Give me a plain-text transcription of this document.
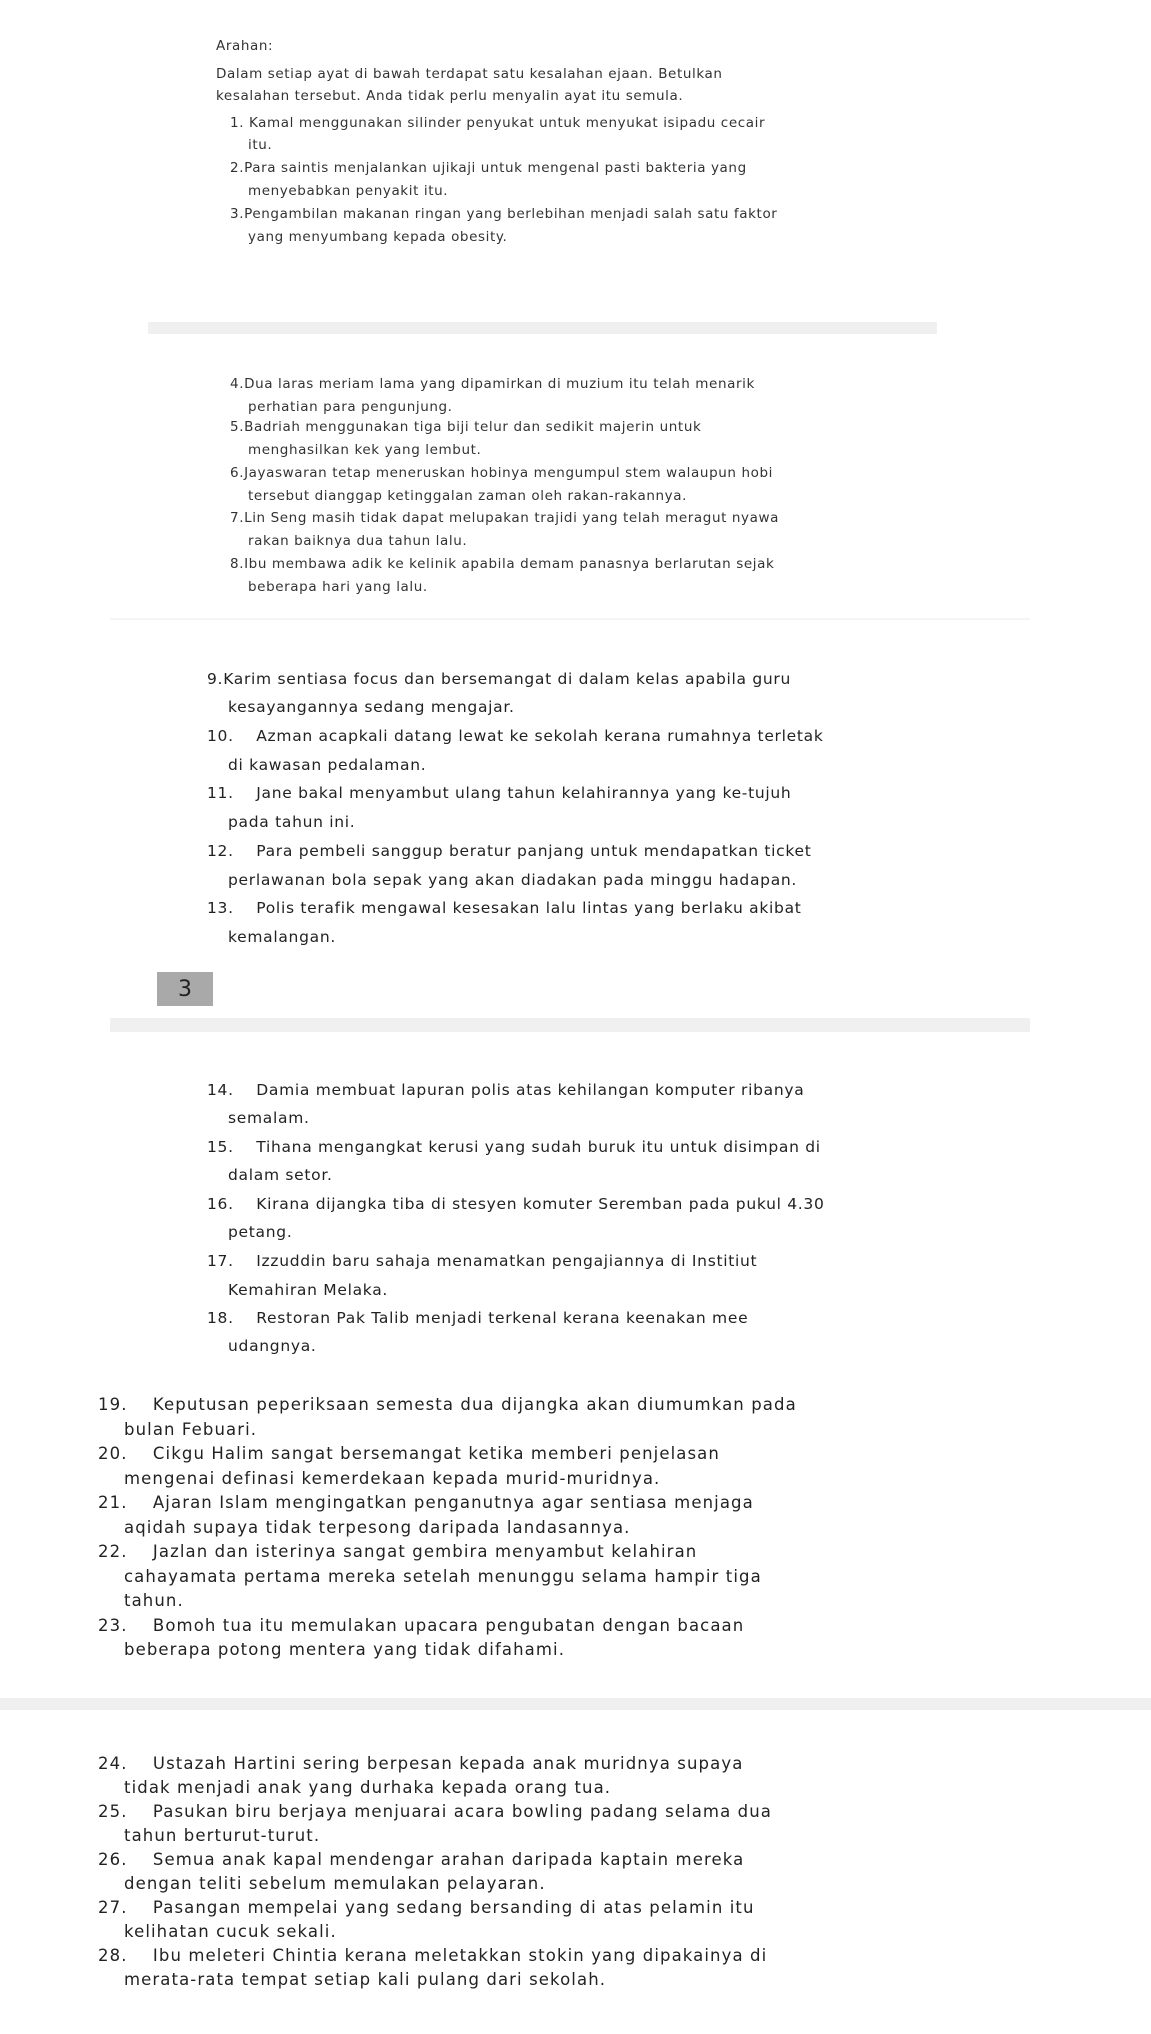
Arahan:
Dalam setiap ayat di bawah terdapat satu kesalahan ejaan. Betulkan
kesalahan tersebut. Anda tidak perlu menyalin ayat itu semula.
1. Kamal menggunakan silinder penyukat untuk menyukat isipadu cecair
itu.
2.Para saintis menjalankan ujikaji untuk mengenal pasti bakteria yang
menyebabkan penyakit itu.
3.Pengambilan makanan ringan yang berlebihan menjadi salah satu faktor
yang menyumbang kepada obesity.
4.Dua laras meriam lama yang dipamirkan di muzium itu telah menarik
perhatian para pengunjung.
5.Badriah menggunakan tiga biji telur dan sedikit majerin untuk
menghasilkan kek yang lembut.
6.Jayaswaran tetap meneruskan hobinya mengumpul stem walaupun hobi
tersebut dianggap ketinggalan zaman oleh rakan-rakannya.
7.Lin Seng masih tidak dapat melupakan trajidi yang telah meragut nyawa
rakan baiknya dua tahun lalu.
8.Ibu membawa adik ke kelinik apabila demam panasnya berlarutan sejak
beberapa hari yang lalu.
9.Karim sentiasa focus dan bersemangat di dalam kelas apabila guru
kesayangannya sedang mengajar.
10.    Azman acapkali datang lewat ke sekolah kerana rumahnya terletak
di kawasan pedalaman.
11.    Jane bakal menyambut ulang tahun kelahirannya yang ke-tujuh
pada tahun ini.
12.    Para pembeli sanggup beratur panjang untuk mendapatkan ticket
perlawanan bola sepak yang akan diadakan pada minggu hadapan.
13.    Polis terafik mengawal kesesakan lalu lintas yang berlaku akibat
kemalangan.
3
14.    Damia membuat lapuran polis atas kehilangan komputer ribanya
semalam.
15.    Tihana mengangkat kerusi yang sudah buruk itu untuk disimpan di
dalam setor.
16.    Kirana dijangka tiba di stesyen komuter Seremban pada pukul 4.30
petang.
17.    Izzuddin baru sahaja menamatkan pengajiannya di Institiut
Kemahiran Melaka.
18.    Restoran Pak Talib menjadi terkenal kerana keenakan mee
udangnya.
19.    Keputusan peperiksaan semesta dua dijangka akan diumumkan pada
bulan Febuari.
20.    Cikgu Halim sangat bersemangat ketika memberi penjelasan
mengenai definasi kemerdekaan kepada murid-muridnya.
21.    Ajaran Islam mengingatkan penganutnya agar sentiasa menjaga
aqidah supaya tidak terpesong daripada landasannya.
22.    Jazlan dan isterinya sangat gembira menyambut kelahiran
cahayamata pertama mereka setelah menunggu selama hampir tiga
tahun.
23.    Bomoh tua itu memulakan upacara pengubatan dengan bacaan
beberapa potong mentera yang tidak difahami.
24.    Ustazah Hartini sering berpesan kepada anak muridnya supaya
tidak menjadi anak yang durhaka kepada orang tua.
25.    Pasukan biru berjaya menjuarai acara bowling padang selama dua
tahun berturut-turut.
26.    Semua anak kapal mendengar arahan daripada kaptain mereka
dengan teliti sebelum memulakan pelayaran.
27.    Pasangan mempelai yang sedang bersanding di atas pelamin itu
kelihatan cucuk sekali.
28.    Ibu meleteri Chintia kerana meletakkan stokin yang dipakainya di
merata-rata tempat setiap kali pulang dari sekolah.
